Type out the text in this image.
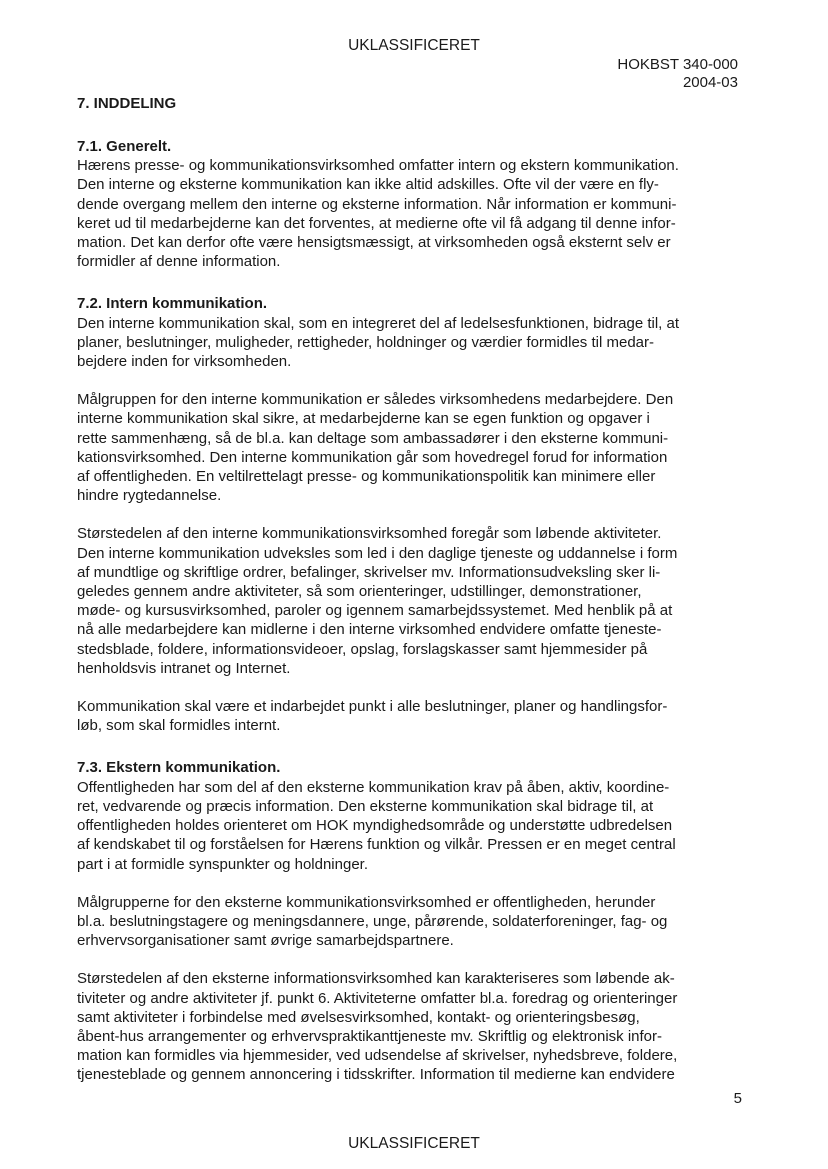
UKLASSIFICERET
HOKBST 340-000
2004-03
7. INDDELING
7.1. Generelt.
Hærens presse- og kommunikationsvirksomhed omfatter intern og ekstern kommunikation.
Den interne og eksterne kommunikation kan ikke altid adskilles. Ofte vil der være en fly-
dende overgang mellem den interne og eksterne information. Når information er kommuni-
keret ud til medarbejderne kan det forventes, at medierne ofte vil få adgang til denne infor-
mation. Det kan derfor ofte være hensigtsmæssigt, at virksomheden også eksternt selv er
formidler af denne information.
7.2. Intern kommunikation.
Den interne kommunikation skal, som en integreret del af ledelsesfunktionen, bidrage til, at
planer, beslutninger, muligheder, rettigheder, holdninger og værdier formidles til medar-
bejdere inden for virksomheden.
Målgruppen for den interne kommunikation er således virksomhedens medarbejdere. Den
interne kommunikation skal sikre, at medarbejderne kan se egen funktion og opgaver i
rette sammenhæng, så de bl.a. kan deltage som ambassadører i den eksterne kommuni-
kationsvirksomhed. Den interne kommunikation går som hovedregel forud for information
af offentligheden. En veltilrettelagt presse- og kommunikationspolitik kan minimere eller
hindre rygtedannelse.
Størstedelen af den interne kommunikationsvirksomhed foregår som løbende aktiviteter.
Den interne kommunikation udveksles som led i den daglige tjeneste og uddannelse i form
af mundtlige og skriftlige ordrer, befalinger, skrivelser mv. Informationsudveksling sker li-
geledes gennem andre aktiviteter, så som orienteringer, udstillinger, demonstrationer,
møde- og kursusvirksomhed, paroler og igennem samarbejdssystemet. Med henblik på at
nå alle medarbejdere kan midlerne i den interne virksomhed endvidere omfatte tjeneste-
stedsblade, foldere, informationsvideoer, opslag, forslagskasser samt hjemmesider på
henholdsvis intranet og Internet.
Kommunikation skal være et indarbejdet punkt i alle beslutninger, planer og handlingsfor-
løb, som skal formidles internt.
7.3. Ekstern kommunikation.
Offentligheden har som del af den eksterne kommunikation krav på åben, aktiv, koordine-
ret, vedvarende og præcis information. Den eksterne kommunikation skal bidrage til, at
offentligheden holdes orienteret om HOK myndighedsområde og understøtte udbredelsen
af kendskabet til og forståelsen for Hærens funktion og vilkår. Pressen er en meget central
part i at formidle synspunkter og holdninger.
Målgrupperne for den eksterne kommunikationsvirksomhed er offentligheden, herunder
bl.a. beslutningstagere og meningsdannere, unge, pårørende, soldaterforeninger, fag- og
erhvervsorganisationer samt øvrige samarbejdspartnere.
Størstedelen af den eksterne informationsvirksomhed kan karakteriseres som løbende ak-
tiviteter og andre aktiviteter jf. punkt 6. Aktiviteterne omfatter bl.a. foredrag og orienteringer
samt aktiviteter i forbindelse med øvelsesvirksomhed, kontakt- og orienteringsbesøg,
åbent-hus arrangementer og erhvervspraktikanttjeneste mv. Skriftlig og elektronisk infor-
mation kan formidles via hjemmesider, ved udsendelse af skrivelser, nyhedsbreve, foldere,
tjenesteblade og gennem annoncering i tidsskrifter. Information til medierne kan endvidere
5
UKLASSIFICERET
